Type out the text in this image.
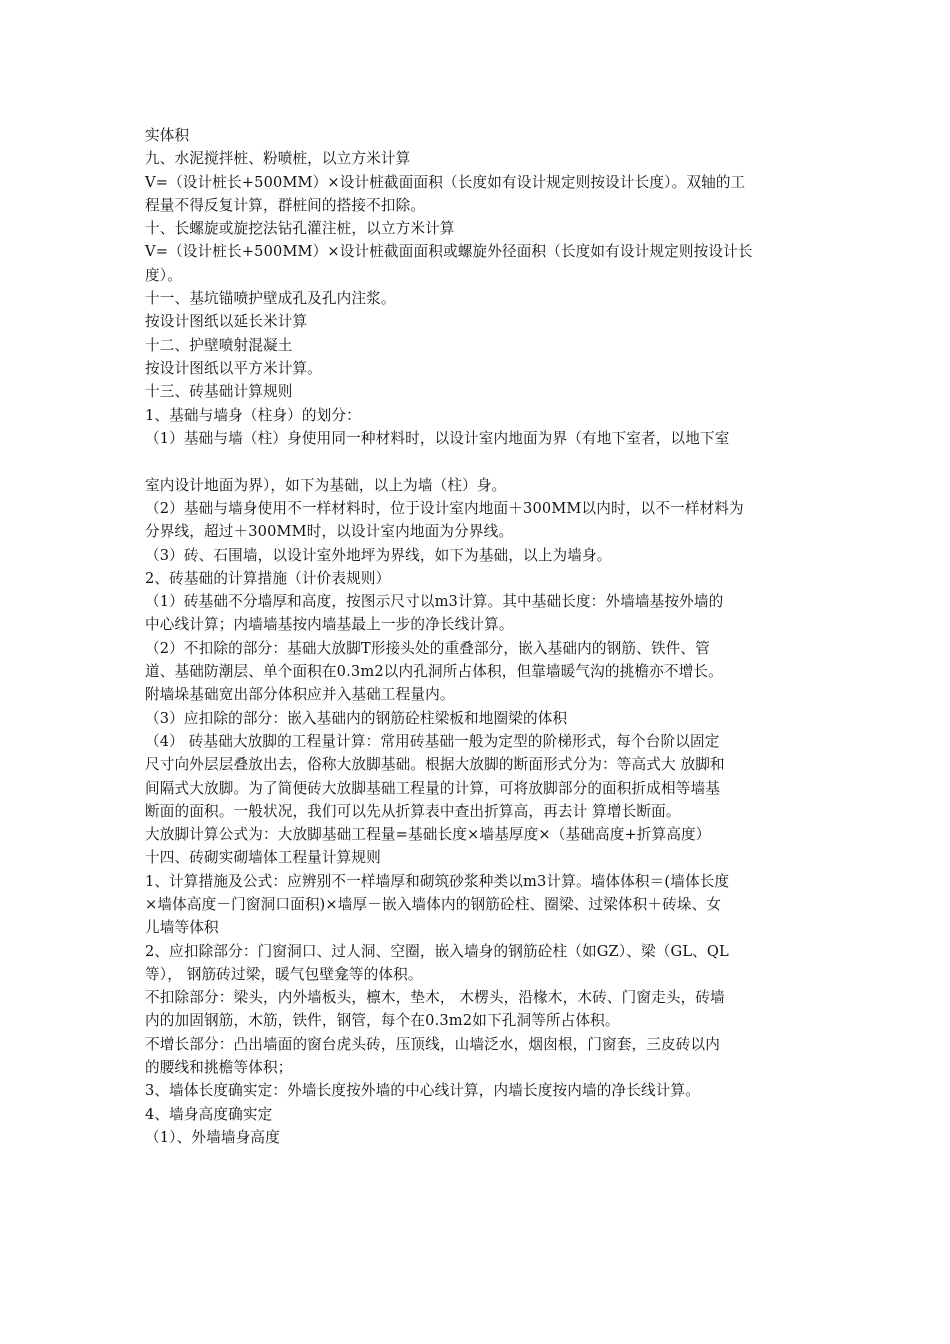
实体积
九、水泥搅拌桩、粉喷桩，以立方米计算
V=（设计桩长+500MM）×设计桩截面面积（长度如有设计规定则按设计长度）。双轴的工
程量不得反复计算，群桩间的搭接不扣除。
十、长螺旋或旋挖法钻孔灌注桩，以立方米计算
V=（设计桩长+500MM）×设计桩截面面积或螺旋外径面积（长度如有设计规定则按设计长
度）。
十一、基坑锚喷护壁成孔及孔内注浆。
按设计图纸以延长米计算
十二、护壁喷射混凝土
按设计图纸以平方米计算。
十三、砖基础计算规则
1、基础与墙身（柱身）的划分：
（1）基础与墙（柱）身使用同一种材料时，以设计室内地面为界（有地下室者，以地下室
室内设计地面为界），如下为基础，以上为墙（柱）身。
（2）基础与墙身使用不一样材料时，位于设计室内地面＋300MM以内时，以不一样材料为
分界线，超过＋300MM时，以设计室内地面为分界线。
（3）砖、石围墙，以设计室外地坪为界线，如下为基础，以上为墙身。
2、砖基础的计算措施（计价表规则）
（1）砖基础不分墙厚和高度，按图示尺寸以m3计算。其中基础长度：外墙墙基按外墙的
中心线计算；内墙墙基按内墙基最上一步的净长线计算。
（2）不扣除的部分：基础大放脚T形接头处的重叠部分，嵌入基础内的钢筋、铁件、管
道、基础防潮层、单个面积在0.3m2以内孔洞所占体积，但靠墙暖气沟的挑檐亦不增长。
附墙垛基础宽出部分体积应并入基础工程量内。
（3）应扣除的部分：嵌入基础内的钢筋砼柱梁板和地圈梁的体积
（4） 砖基础大放脚的工程量计算：常用砖基础一般为定型的阶梯形式，每个台阶以固定
尺寸向外层层叠放出去，俗称大放脚基础。根据大放脚的断面形式分为：等高式大 放脚和
间隔式大放脚。为了简便砖大放脚基础工程量的计算，可将放脚部分的面积折成相等墙基
断面的面积。一般状况，我们可以先从折算表中查出折算高，再去计 算增长断面。
大放脚计算公式为：大放脚基础工程量=基础长度×墙基厚度×（基础高度+折算高度）
十四、砖砌实砌墙体工程量计算规则
1、计算措施及公式：应辨别不一样墙厚和砌筑砂浆种类以m3计算。墙体体积＝(墙体长度
×墙体高度－门窗洞口面积)×墙厚－嵌入墙体内的钢筋砼柱、圈梁、过梁体积＋砖垛、女
儿墙等体积
2、应扣除部分：门窗洞口、过人洞、空圈，嵌入墙身的钢筋砼柱（如GZ）、梁（GL、QL
等）， 钢筋砖过梁，暖气包壁龛等的体积。
不扣除部分：梁头，内外墙板头，檩木，垫木， 木楞头，沿椽木，木砖、门窗走头，砖墙
内的加固钢筋，木筋，铁件，钢管，每个在0.3m2如下孔洞等所占体积。
不增长部分：凸出墙面的窗台虎头砖，压顶线，山墙泛水，烟囱根，门窗套，三皮砖以内
的腰线和挑檐等体积；
3、墙体长度确实定：外墙长度按外墙的中心线计算，内墙长度按内墙的净长线计算。
4、墙身高度确实定
（1）、外墙墙身高度
